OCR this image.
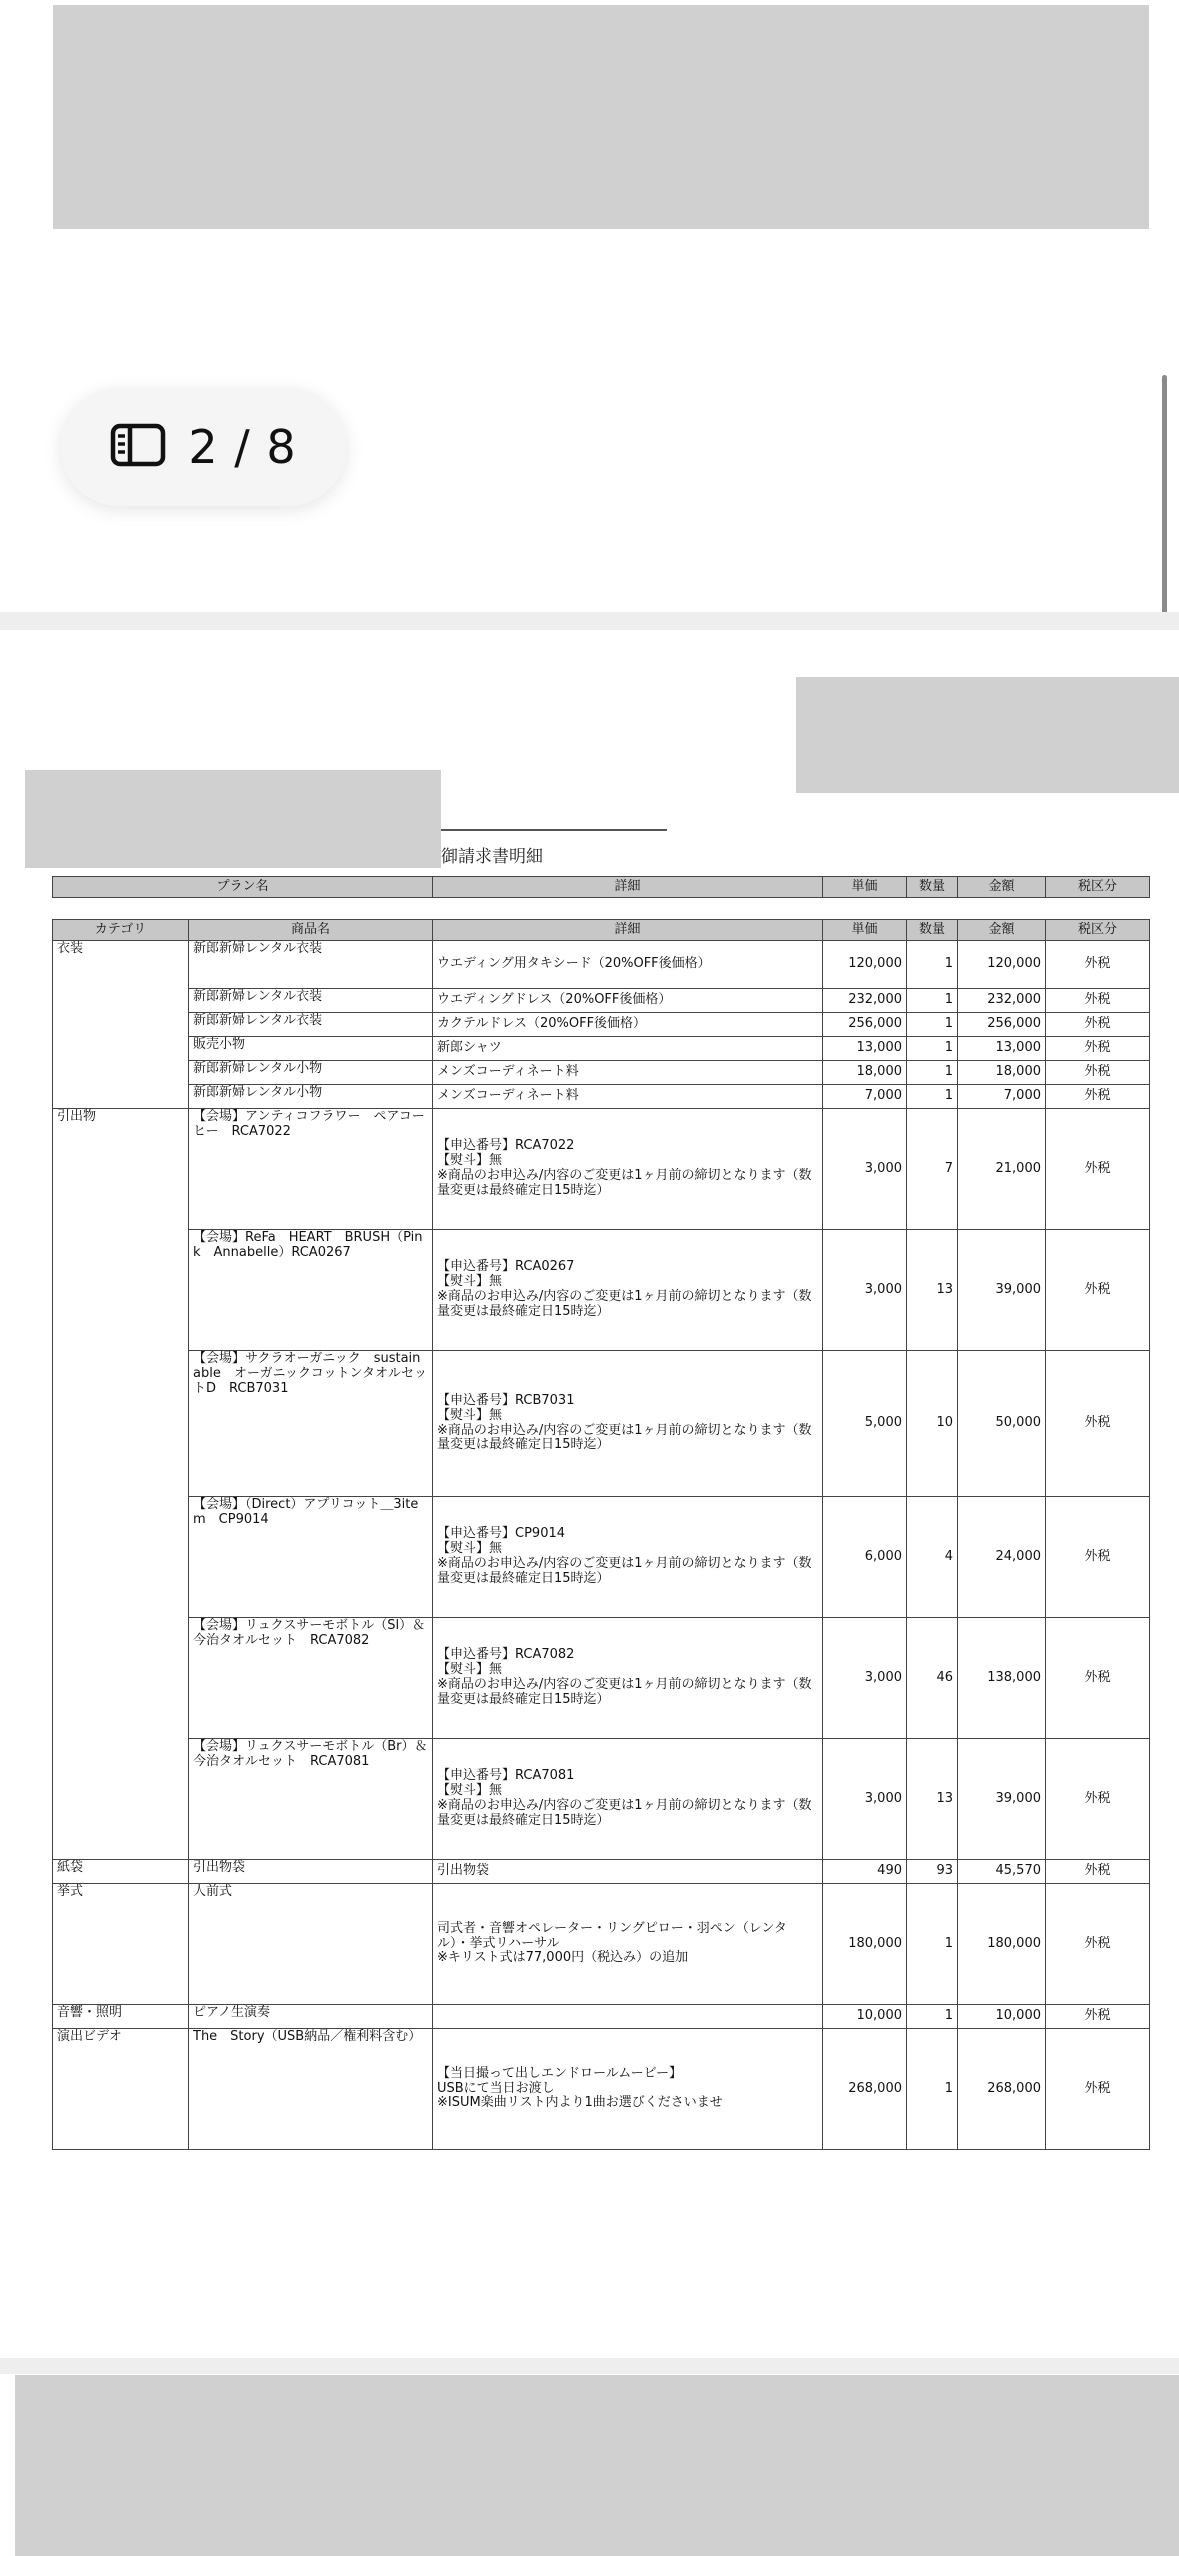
2 / 8
御請求書明細
プラン名	詳細	単価	数量	金額	税区分
カテゴリ	商品名	詳細	単価	数量	金額	税区分
衣装	新郎新婦レンタル衣装	ウエディング用タキシード（20%OFF後価格）	120,000	1	120,000	外税
	新郎新婦レンタル衣装	ウエディングドレス（20%OFF後価格）	232,000	1	232,000	外税
	新郎新婦レンタル衣装	カクテルドレス（20%OFF後価格）	256,000	1	256,000	外税
	販売小物	新郎シャツ	13,000	1	13,000	外税
	新郎新婦レンタル小物	メンズコーディネート料	18,000	1	18,000	外税
	新郎新婦レンタル小物	メンズコーディネート料	7,000	1	7,000	外税
引出物	【会場】アンティコフラワー　ペアコーヒー　RCA7022	【申込番号】RCA7022
【熨斗】無
※商品のお申込み/内容のご変更は1ヶ月前の締切となります（数量変更は最終確定日15時迄）	3,000	7	21,000	外税
	【会場】ReFa　HEART　BRUSH（Pink　Annabelle）RCA0267	【申込番号】RCA0267
【熨斗】無
※商品のお申込み/内容のご変更は1ヶ月前の締切となります（数量変更は最終確定日15時迄）	3,000	13	39,000	外税
	【会場】サクラオーガニック　sustainable　オーガニックコットンタオルセットD　RCB7031	【申込番号】RCB7031
【熨斗】無
※商品のお申込み/内容のご変更は1ヶ月前の締切となります（数量変更は最終確定日15時迄）	5,000	10	50,000	外税
	【会場】（Direct）アプリコット＿3item　CP9014	【申込番号】CP9014
【熨斗】無
※商品のお申込み/内容のご変更は1ヶ月前の締切となります（数量変更は最終確定日15時迄）	6,000	4	24,000	外税
	【会場】リュクスサーモボトル（Sl）＆今治タオルセット　RCA7082	【申込番号】RCA7082
【熨斗】無
※商品のお申込み/内容のご変更は1ヶ月前の締切となります（数量変更は最終確定日15時迄）	3,000	46	138,000	外税
	【会場】リュクスサーモボトル（Br）＆今治タオルセット　RCA7081	【申込番号】RCA7081
【熨斗】無
※商品のお申込み/内容のご変更は1ヶ月前の締切となります（数量変更は最終確定日15時迄）	3,000	13	39,000	外税
紙袋	引出物袋	引出物袋	490	93	45,570	外税
挙式	人前式	司式者・音響オペレーター・リングピロー・羽ペン（レンタル）・挙式リハーサル
※キリスト式は77,000円（税込み）の追加	180,000	1	180,000	外税
音響・照明	ピアノ生演奏		10,000	1	10,000	外税
演出ビデオ	The　Story（USB納品／権利料含む）	【当日撮って出しエンドロールムービー】
USBにて当日お渡し
※ISUM楽曲リスト内より1曲お選びくださいませ	268,000	1	268,000	外税
